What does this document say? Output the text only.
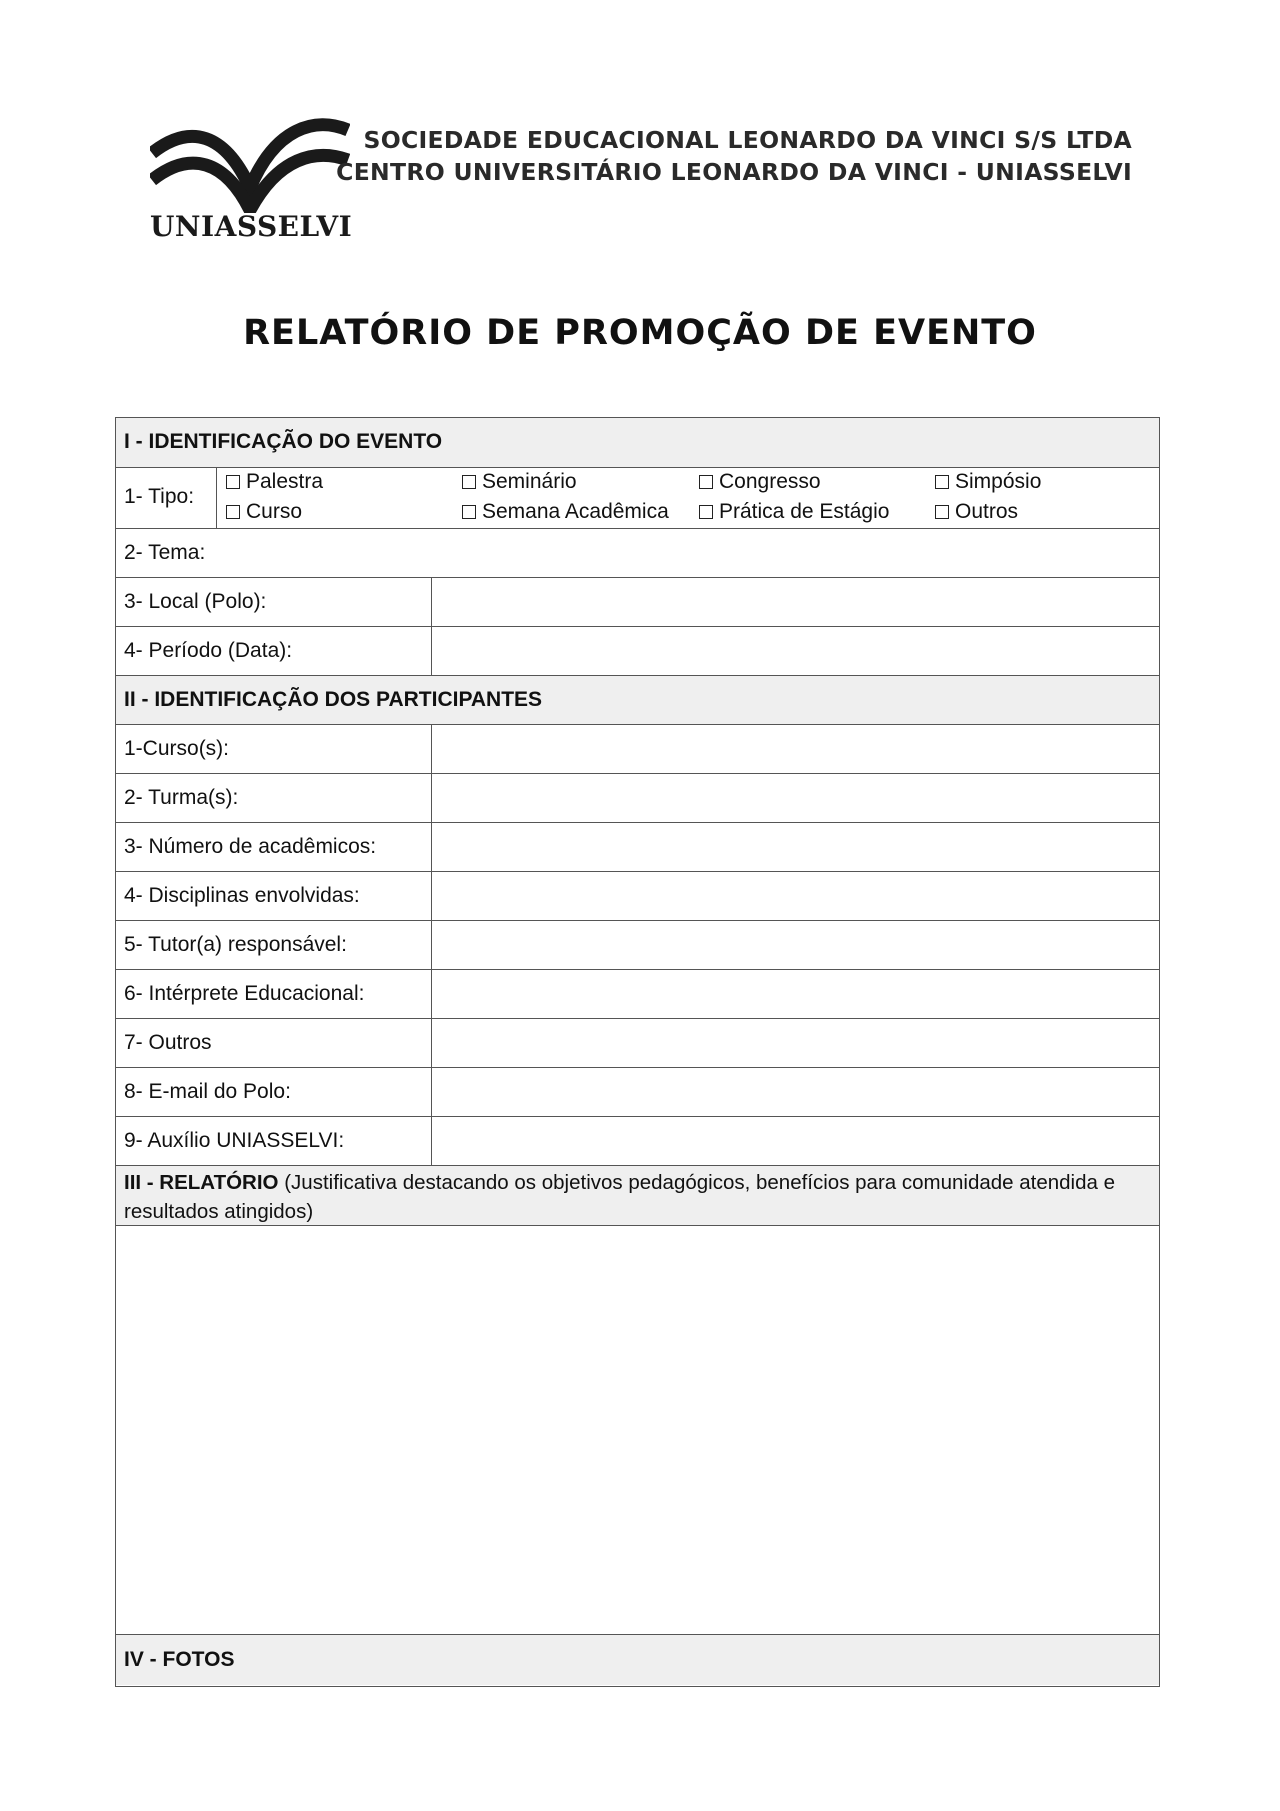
UNIASSELVI
SOCIEDADE EDUCACIONAL LEONARDO DA VINCI S/S LTDA
CENTRO UNIVERSITÁRIO LEONARDO DA VINCI - UNIASSELVI
RELATÓRIO DE PROMOÇÃO DE EVENTO
I - IDENTIFICAÇÃO DO EVENTO
1- Tipo:
Palestra	Seminário	Congresso	Simpósio
Curso	Semana Acadêmica	Prática de Estágio	Outros
2- Tema:
3- Local (Polo):
4- Período (Data):
II - IDENTIFICAÇÃO DOS PARTICIPANTES
1-Curso(s):
2- Turma(s):
3- Número de acadêmicos:
4- Disciplinas envolvidas:
5- Tutor(a) responsável:
6- Intérprete Educacional:
7- Outros
8- E-mail do Polo:
9- Auxílio UNIASSELVI:
III - RELATÓRIO (Justificativa destacando os objetivos pedagógicos, benefícios para comunidade atendida e resultados atingidos)
IV - FOTOS
